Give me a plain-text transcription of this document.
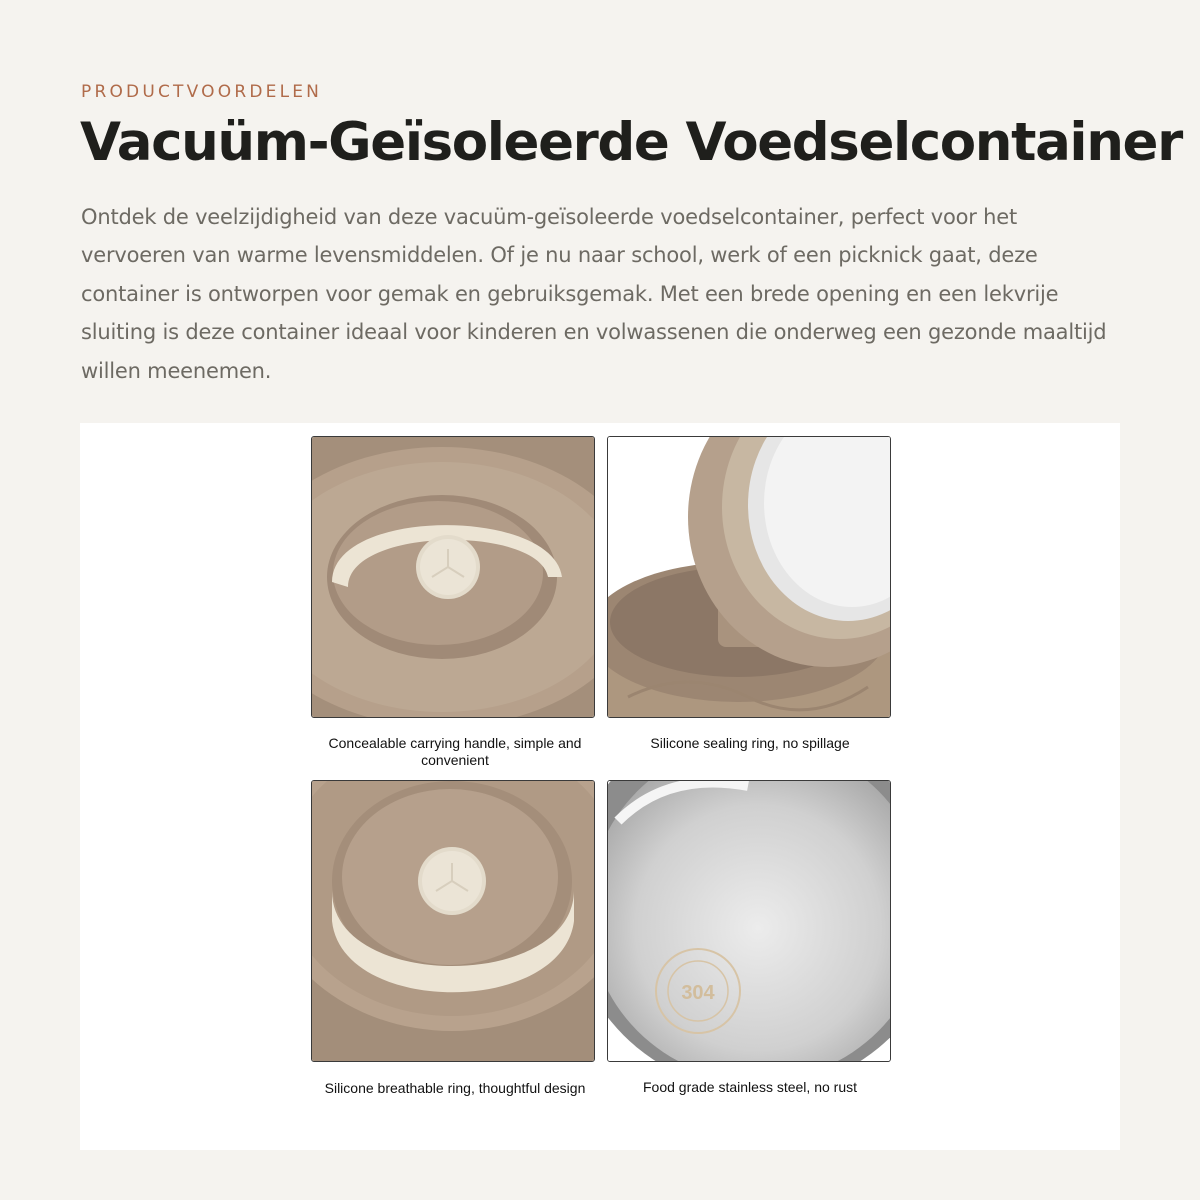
PRODUCTVOORDELEN
Vacuüm-Geïsoleerde Voedselcontainer

Ontdek de veelzijdigheid van deze vacuüm-geïsoleerde voedselcontainer, perfect voor het vervoeren van warme levensmiddelen. Of je nu naar school, werk of een picknick gaat, deze container is ontworpen voor gemak en gebruiksgemak. Met een brede opening en een lekvrije sluiting is deze container ideaal voor kinderen en volwassenen die onderweg een gezonde maaltijd willen meenemen.

Concealable carrying handle, simple and convenient
Silicone sealing ring, no spillage
Silicone breathable ring, thoughtful design
304
Food grade stainless steel, no rust
